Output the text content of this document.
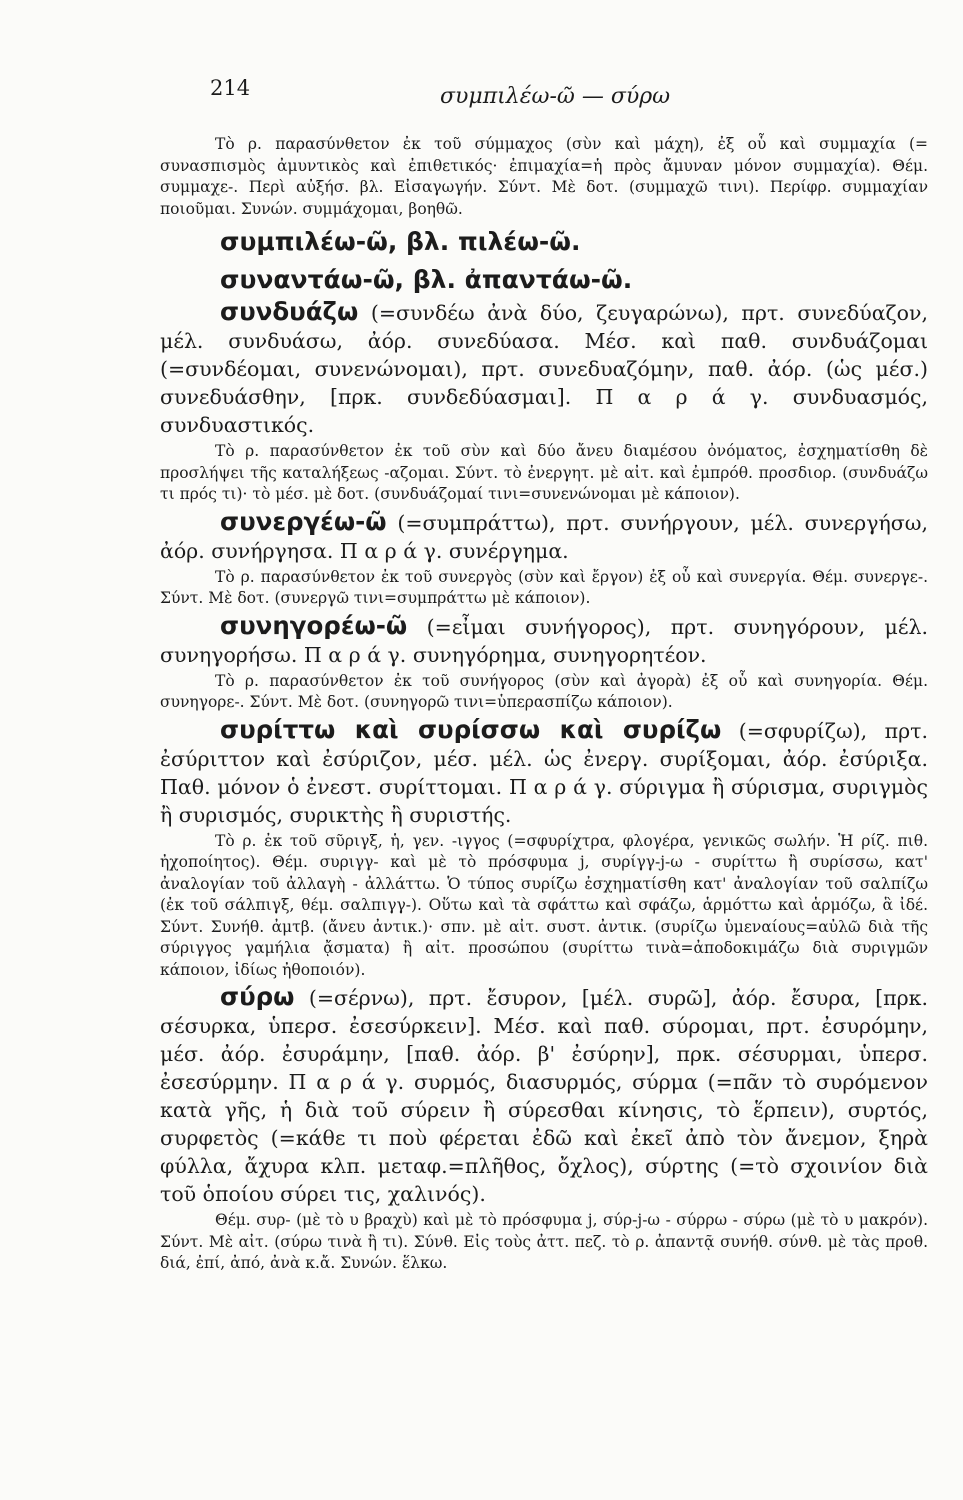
214	συμπιλέω-ῶ — σύρω

Τὸ ρ. παρασύνθετον ἐκ τοῦ σύμμαχος (σὺν καὶ μάχη), ἐξ οὗ καὶ συμμαχία (= συνασπισμὸς ἀμυντικὸς καὶ ἐπιθετικός· ἐπιμαχία=ἡ πρὸς ἄμυναν μόνον συμμαχία). Θέμ. συμμαχε-. Περὶ αὐξήσ. βλ. Εἰσαγωγήν. Σύντ. Μὲ δοτ. (συμμαχῶ τινι). Περίφρ. συμμαχίαν ποιοῦμαι. Συνών. συμμάχομαι, βοηθῶ.

συμπιλέω-ῶ, βλ. πιλέω-ῶ.

συναντάω-ῶ, βλ. ἀπαντάω-ῶ.

συνδυάζω (=συνδέω ἀνὰ δύο, ζευγαρώνω), πρτ. συνεδύαζον, μέλ. συνδυάσω, ἀόρ. συνεδύασα. Μέσ. καὶ παθ. συνδυάζομαι (=συνδέομαι, συνενώνομαι), πρτ. συνεδυαζόμην, παθ. ἀόρ. (ὡς μέσ.) συνεδυάσθην, [πρκ. συνδεδύασμαι]. Π α ρ ά γ. συνδυασμός, συνδυαστικός.

Τὸ ρ. παρασύνθετον ἐκ τοῦ σὺν καὶ δύο ἄνευ διαμέσου ὀνόματος, ἐσχηματίσθη δὲ προσλήψει τῆς καταλήξεως -αζομαι. Σύντ. τὸ ἐνεργητ. μὲ αἰτ. καὶ ἐμπρόθ. προσδιορ. (συνδυάζω τι πρός τι)· τὸ μέσ. μὲ δοτ. (συνδυάζομαί τινι=συνενώνομαι μὲ κάποιον).

συνεργέω-ῶ (=συμπράττω), πρτ. συνήργουν, μέλ. συνεργήσω, ἀόρ. συνήργησα. Π α ρ ά γ. συνέργημα.

Τὸ ρ. παρασύνθετον ἐκ τοῦ συνεργὸς (σὺν καὶ ἔργον) ἐξ οὗ καὶ συνεργία. Θέμ. συνεργε-. Σύντ. Μὲ δοτ. (συνεργῶ τινι=συμπράττω μὲ κάποιον).

συνηγορέω-ῶ (=εἶμαι συνήγορος), πρτ. συνηγόρουν, μέλ. συνηγορήσω. Π α ρ ά γ. συνηγόρημα, συνηγορητέον.

Τὸ ρ. παρασύνθετον ἐκ τοῦ συνήγορος (σὺν καὶ ἀγορὰ) ἐξ οὗ καὶ συνηγορία. Θέμ. συνηγορε-. Σύντ. Μὲ δοτ. (συνηγορῶ τινι=ὑπερασπίζω κάποιον).

συρίττω καὶ συρίσσω καὶ συρίζω (=σφυρίζω), πρτ. ἐσύριττον καὶ ἐσύριζον, μέσ. μέλ. ὡς ἐνεργ. συρίξομαι, ἀόρ. ἐσύριξα. Παθ. μόνον ὁ ἐνεστ. συρίττομαι. Π α ρ ά γ. σύριγμα ἢ σύρισμα, συριγμὸς ἢ συρισμός, συρικτὴς ἢ συριστής.

Τὸ ρ. ἐκ τοῦ σῦριγξ, ἡ, γεν. -ιγγος (=σφυρίχτρα, φλογέρα, γενικῶς σωλήν. Ἡ ρίζ. πιθ. ἠχοποίητος). Θέμ. συριγγ- καὶ μὲ τὸ πρόσφυμα j, συρίγγ-j-ω - συρίττω ἢ συρίσσω, κατ' ἀναλογίαν τοῦ ἀλλαγὴ - ἀλλάττω. Ὁ τύπος συρίζω ἐσχηματίσθη κατ' ἀναλογίαν τοῦ σαλπίζω (ἐκ τοῦ σάλπιγξ, θέμ. σαλπιγγ-). Οὕτω καὶ τὰ σφάττω καὶ σφάζω, ἁρμόττω καὶ ἁρμόζω, ἃ ἰδέ. Σύντ. Συνήθ. ἀμτβ. (ἄνευ ἀντικ.)· σπν. μὲ αἰτ. συστ. ἀντικ. (συρίζω ὑμεναίους=αὐλῶ διὰ τῆς σύριγγος γαμήλια ᾄσματα) ἢ αἰτ. προσώπου (συρίττω τινὰ=ἀποδοκιμάζω διὰ συριγμῶν κάποιον, ἰδίως ἠθοποιόν).

σύρω (=σέρνω), πρτ. ἔσυρον, [μέλ. συρῶ], ἀόρ. ἔσυρα, [πρκ. σέσυρκα, ὑπερσ. ἐσεσύρκειν]. Μέσ. καὶ παθ. σύρομαι, πρτ. ἐσυρόμην, μέσ. ἀόρ. ἐσυράμην, [παθ. ἀόρ. β' ἐσύρην], πρκ. σέσυρμαι, ὑπερσ. ἐσεσύρμην. Π α ρ ά γ. συρμός, διασυρμός, σύρμα (=πᾶν τὸ συρόμενον κατὰ γῆς, ἡ διὰ τοῦ σύρειν ἢ σύρεσθαι κίνησις, τὸ ἕρπειν), συρτός, συρφετὸς (=κάθε τι ποὺ φέρεται ἐδῶ καὶ ἐκεῖ ἀπὸ τὸν ἄνεμον, ξηρὰ φύλλα, ἄχυρα κλπ. μεταφ.=πλῆθος, ὄχλος), σύρτης (=τὸ σχοινίον διὰ τοῦ ὁποίου σύρει τις, χαλινός).

Θέμ. συρ- (μὲ τὸ υ βραχὺ) καὶ μὲ τὸ πρόσφυμα j, σύρ-j-ω - σύρρω - σύρω (μὲ τὸ υ μακρόν). Σύντ. Μὲ αἰτ. (σύρω τινὰ ἢ τι). Σύνθ. Εἰς τοὺς ἀττ. πεζ. τὸ ρ. ἀπαντᾷ συνήθ. σύνθ. μὲ τὰς προθ. διά, ἐπί, ἀπό, ἀνὰ κ.ἄ. Συνών. ἕλκω.
